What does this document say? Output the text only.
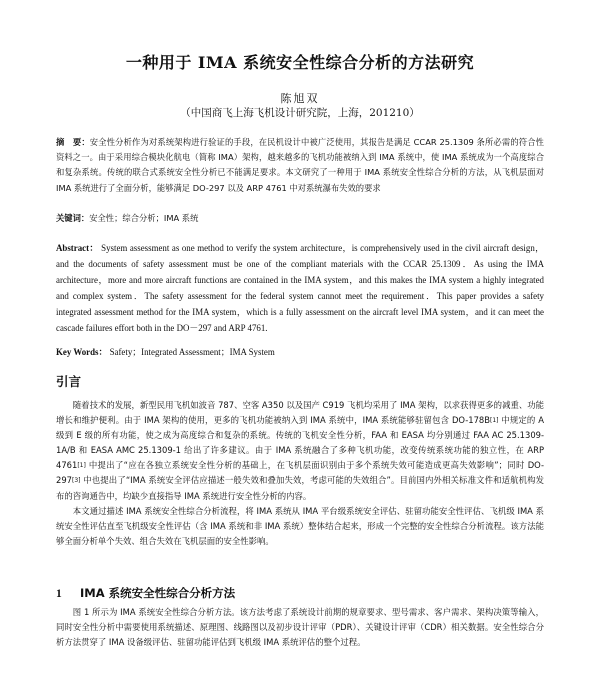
一种用于 IMA 系统安全性综合分析的方法研究
陈旭双
（中国商飞上海飞机设计研究院，上海，201210）
摘　要：安全性分析作为对系统架构进行验证的手段，在民机设计中被广泛使用，其报告是满足 CCAR 25.1309 条所必需的符合性资料之一。由于采用综合模块化航电（简称 IMA）架构，越来越多的飞机功能被纳入到 IMA 系统中，使 IMA 系统成为一个高度综合和复杂系统。传统的联合式系统安全性分析已不能满足要求。本文研究了一种用于 IMA 系统安全性综合分析的方法，从飞机层面对 IMA 系统进行了全面分析，能够满足 DO-297 以及 ARP 4761 中对系统瀑布失效的要求
关键词：安全性；综合分析；IMA 系统
Abstract： System assessment as one method to verify the system architecture，is comprehensively used in the civil aircraft design，and the documents of safety assessment must be one of the compliant materials with the CCAR 25.1309．As using the IMA architecture，more and more aircraft functions are contained in the IMA system，and this makes the IMA system a highly integrated and complex system．The safety assessment for the federal system cannot meet the requirement．This paper provides a safety integrated assessment method for the IMA system，which is a fully assessment on the aircraft level IMA system，and it can meet the cascade failures effort both in the DO－297 and ARP 4761.
Key Words： Safety；Integrated Assessment；IMA System
引言

随着技术的发展，新型民用飞机如波音 787、空客 A350 以及国产 C919 飞机均采用了 IMA 架构，以求获得更多的减重、功能增长和维护便利。由于 IMA 架构的使用，更多的飞机功能被纳入到 IMA 系统中，IMA 系统能够驻留包含 DO-178B[1] 中规定的 A 级到 E 级的所有功能，使之成为高度综合和复杂的系统。传统的飞机安全性分析，FAA 和 EASA 均分别通过 FAA AC 25.1309-1A/B 和 EASA AMC 25.1309-1 给出了许多建议。由于 IMA 系统融合了多种飞机功能，改变传统系统功能的独立性，在 ARP 4761[1] 中提出了“应在各独立系统安全性分析的基础上，在飞机层面识别由于多个系统失效可能造成更高失效影响”；同时 DO-297[3] 中也提出了“IMA 系统安全评估应描述一般失效和叠加失效，考虑可能的失效组合”。目前国内外相关标准文件和适航机构发布的咨询通告中，均缺少直接指导 IMA 系统进行安全性分析的内容。

本文通过描述 IMA 系统安全性综合分析流程，将 IMA 系统从 IMA 平台级系统安全评估、驻留功能安全性评估、飞机级 IMA 系统安全性评估直至飞机级安全性评估（含 IMA 系统和非 IMA 系统）整体结合起来，形成一个完整的安全性综合分析流程。该方法能够全面分析单个失效、组合失效在飞机层面的安全性影响。

1 IMA 系统安全性综合分析方法

图 1 所示为 IMA 系统安全性综合分析方法。该方法考虑了系统设计前期的规章要求、型号需求、客户需求、架构决策等输入，同时安全性分析中需要使用系统描述、原理图、线路图以及初步设计评审（PDR）、关键设计评审（CDR）相关数据。安全性综合分析方法贯穿了 IMA 设备级评估、驻留功能评估到飞机级 IMA 系统评估的整个过程。
